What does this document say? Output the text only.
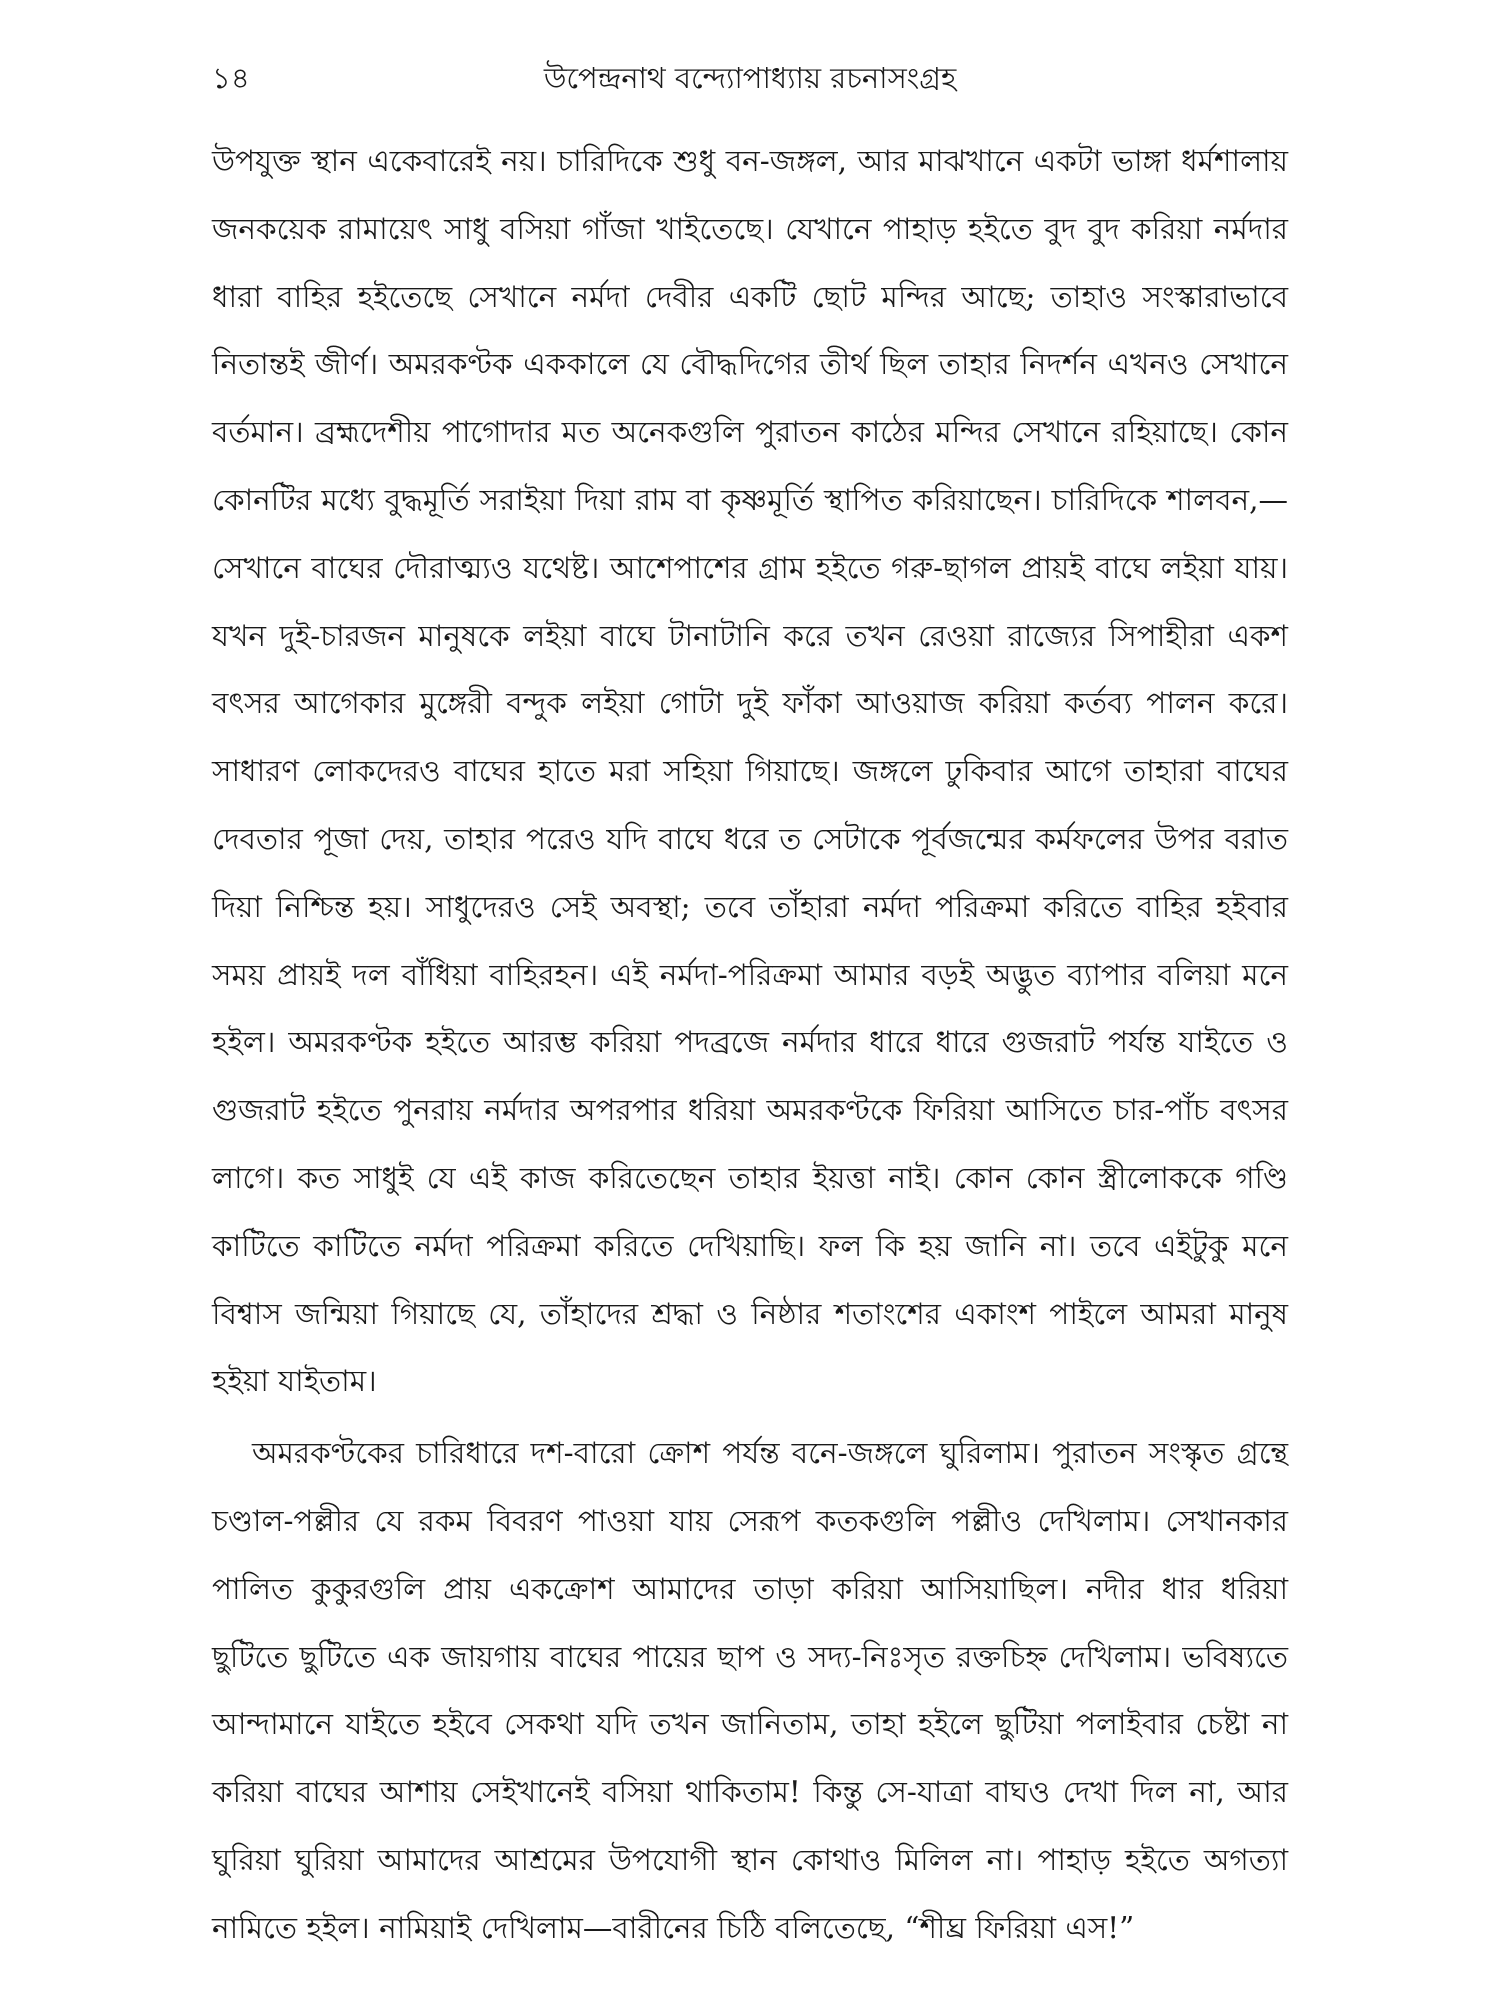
১৪	উপেন্দ্রনাথ বন্দ্যোপাধ্যায় রচনাসংগ্রহ

উপযুক্ত স্থান একেবারেই নয়। চারিদিকে শুধু বন-জঙ্গল, আর মাঝখানে একটা ভাঙ্গা ধর্মশালায় জনকয়েক রামায়েৎ সাধু বসিয়া গাঁজা খাইতেছে। যেখানে পাহাড় হইতে বুদ বুদ করিয়া নর্মদার ধারা বাহির হইতেছে সেখানে নর্মদা দেবীর একটি ছোট মন্দির আছে; তাহাও সংস্কারাভাবে নিতান্তই জীর্ণ। অমরকণ্টক এককালে যে বৌদ্ধদিগের তীর্থ ছিল তাহার নিদর্শন এখনও সেখানে বর্তমান। ব্রহ্মদেশীয় পাগোদার মত অনেকগুলি পুরাতন কাঠের মন্দির সেখানে রহিয়াছে। কোন কোনটির মধ্যে বুদ্ধমূর্তি সরাইয়া দিয়া রাম বা কৃষ্ণমূর্তি স্থাপিত করিয়াছেন। চারিদিকে শালবন,—সেখানে বাঘের দৌরাত্ম্যও যথেষ্ট। আশেপাশের গ্রাম হইতে গরু-ছাগল প্রায়ই বাঘে লইয়া যায়। যখন দুই-চারজন মানুষকে লইয়া বাঘে টানাটানি করে তখন রেওয়া রাজ্যের সিপাহীরা একশ বৎসর আগেকার মুঙ্গেরী বন্দুক লইয়া গোটা দুই ফাঁকা আওয়াজ করিয়া কর্তব্য পালন করে। সাধারণ লোকদেরও বাঘের হাতে মরা সহিয়া গিয়াছে। জঙ্গলে ঢুকিবার আগে তাহারা বাঘের দেবতার পূজা দেয়, তাহার পরেও যদি বাঘে ধরে ত সেটাকে পূর্বজন্মের কর্মফলের উপর বরাত দিয়া নিশ্চিন্ত হয়। সাধুদেরও সেই অবস্থা; তবে তাঁহারা নর্মদা পরিক্রমা করিতে বাহির হইবার সময় প্রায়ই দল বাঁধিয়া বাহিরহন। এই নর্মদা-পরিক্রমা আমার বড়ই অদ্ভুত ব্যাপার বলিয়া মনে হইল। অমরকণ্টক হইতে আরম্ভ করিয়া পদব্রজে নর্মদার ধারে ধারে গুজরাট পর্যন্ত যাইতে ও গুজরাট হইতে পুনরায় নর্মদার অপরপার ধরিয়া অমরকণ্টকে ফিরিয়া আসিতে চার-পাঁচ বৎসর লাগে। কত সাধুই যে এই কাজ করিতেছেন তাহার ইয়ত্তা নাই। কোন কোন স্ত্রীলোককে গণ্ডি কাটিতে কাটিতে নর্মদা পরিক্রমা করিতে দেখিয়াছি। ফল কি হয় জানি না। তবে এইটুকু মনে বিশ্বাস জন্মিয়া গিয়াছে যে, তাঁহাদের শ্রদ্ধা ও নিষ্ঠার শতাংশের একাংশ পাইলে আমরা মানুষ হইয়া যাইতাম।

অমরকণ্টকের চারিধারে দশ-বারো ক্রোশ পর্যন্ত বনে-জঙ্গলে ঘুরিলাম। পুরাতন সংস্কৃত গ্রন্থে চণ্ডাল-পল্লীর যে রকম বিবরণ পাওয়া যায় সেরূপ কতকগুলি পল্লীও দেখিলাম। সেখানকার পালিত কুকুরগুলি প্রায় একক্রোশ আমাদের তাড়া করিয়া আসিয়াছিল। নদীর ধার ধরিয়া ছুটিতে ছুটিতে এক জায়গায় বাঘের পায়ের ছাপ ও সদ্য-নিঃসৃত রক্তচিহ্ন দেখিলাম। ভবিষ্যতে আন্দামানে যাইতে হইবে সেকথা যদি তখন জানিতাম, তাহা হইলে ছুটিয়া পলাইবার চেষ্টা না করিয়া বাঘের আশায় সেইখানেই বসিয়া থাকিতাম! কিন্তু সে-যাত্রা বাঘও দেখা দিল না, আর ঘুরিয়া ঘুরিয়া আমাদের আশ্রমের উপযোগী স্থান কোথাও মিলিল না। পাহাড় হইতে অগত্যা নামিতে হইল। নামিয়াই দেখিলাম—বারীনের চিঠি বলিতেছে, “শীঘ্র ফিরিয়া এস!”
